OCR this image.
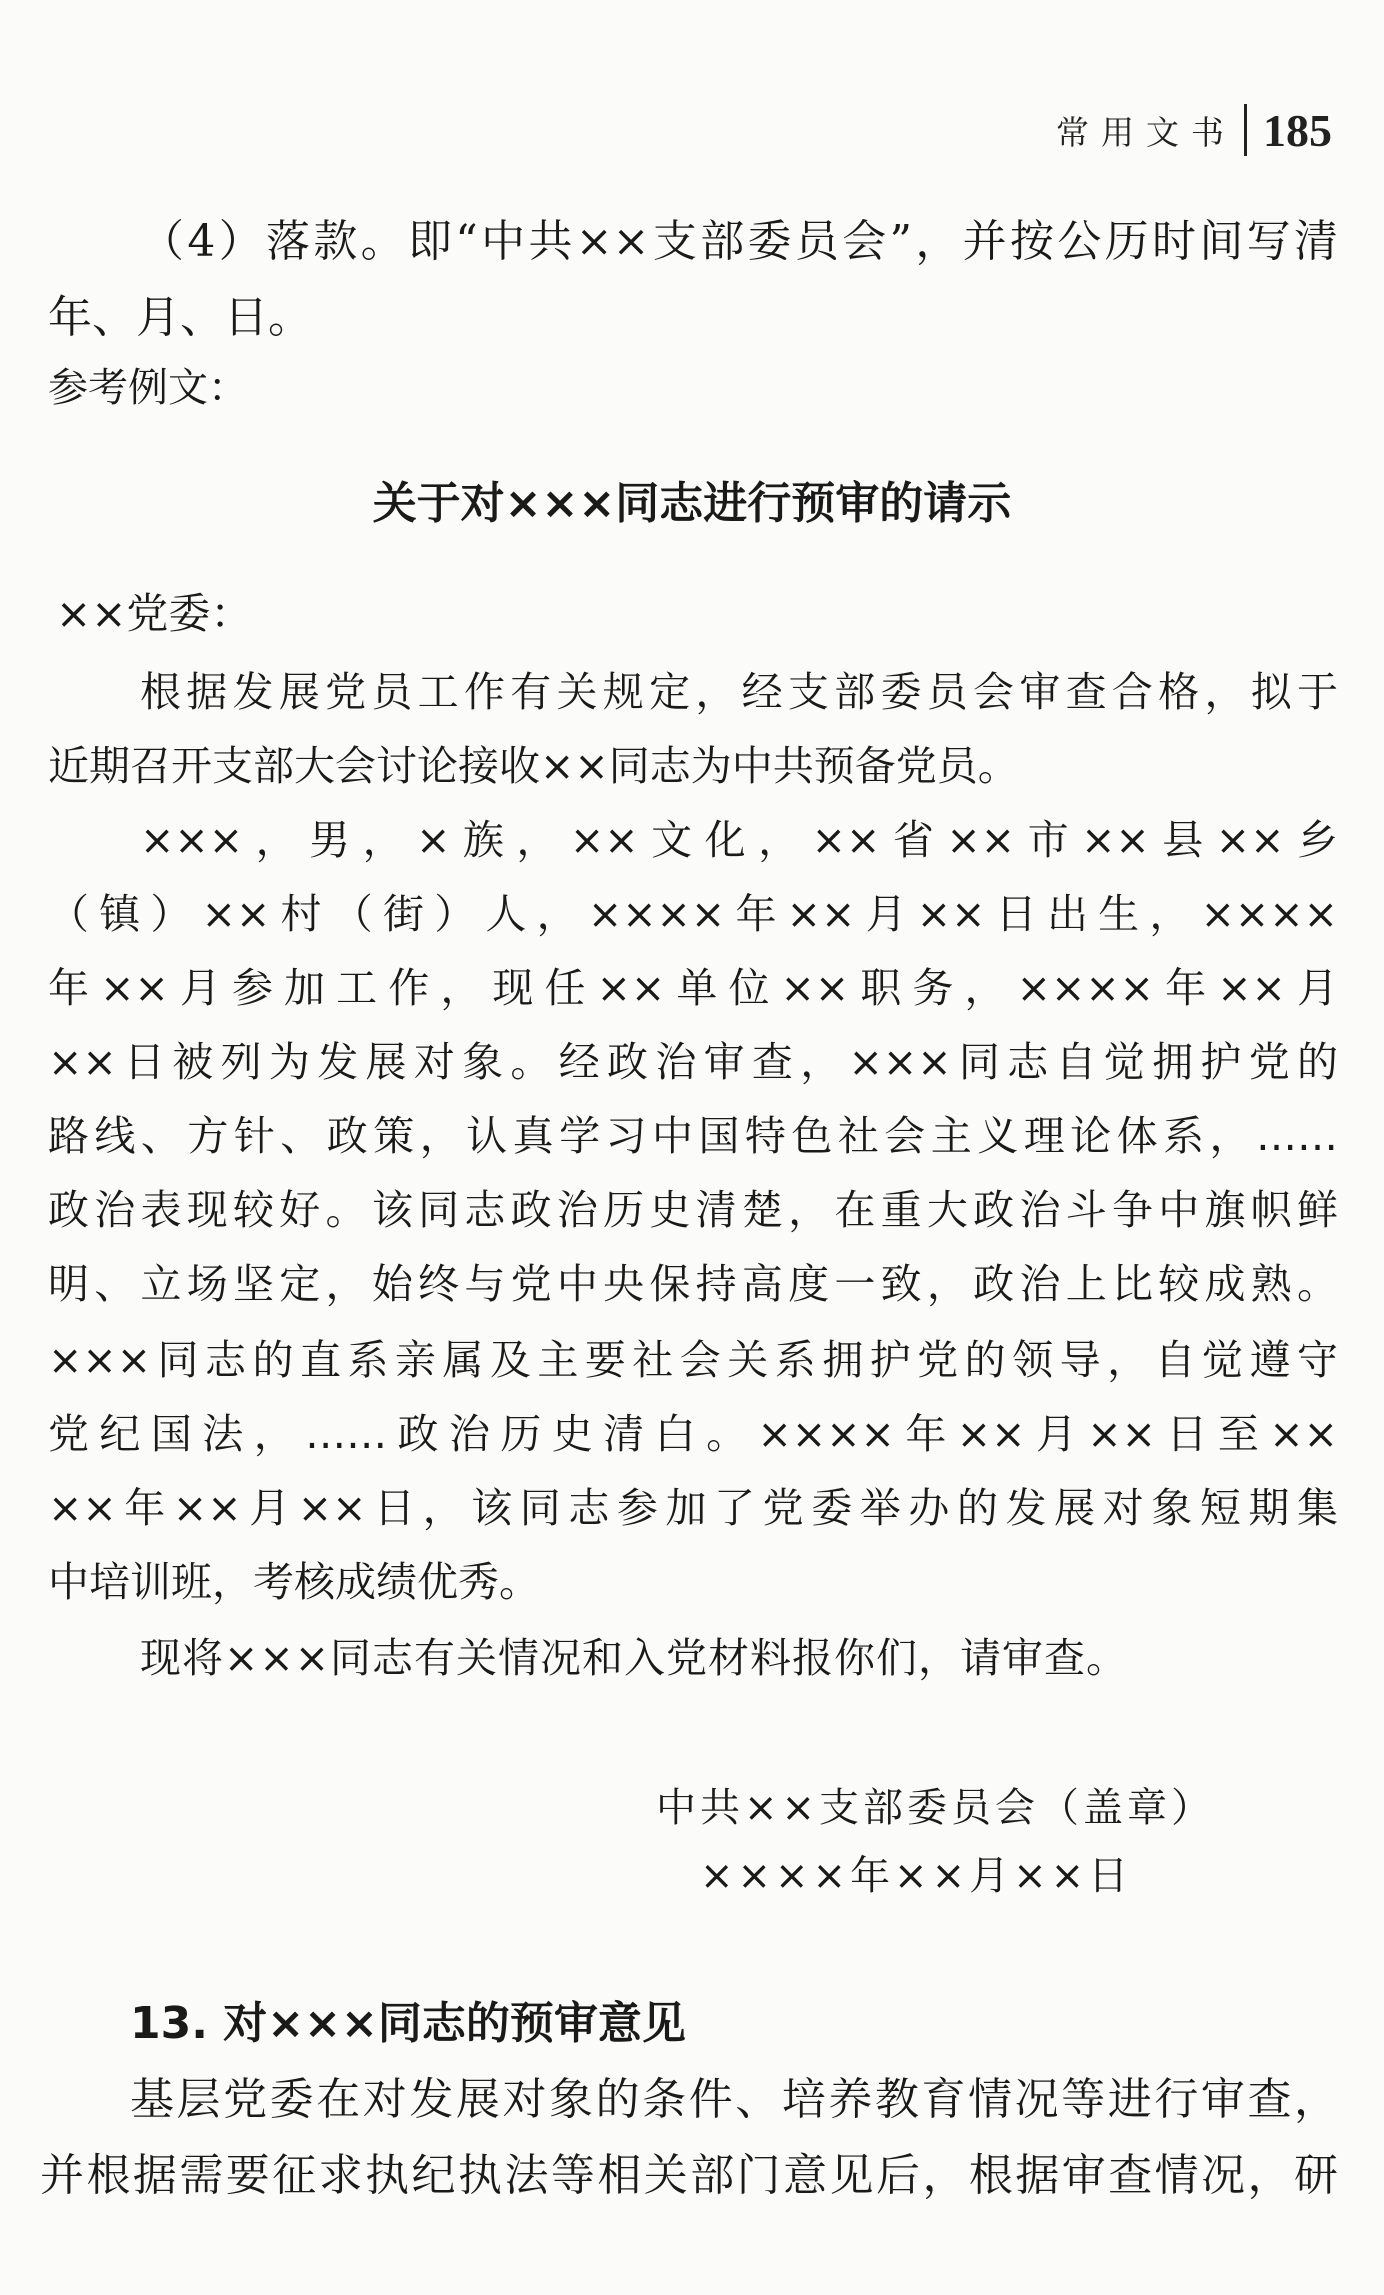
常用文书 185
（4）落款。即“中共××支部委员会”，并按公历时间写清
年、月、日。
参考例文：
关于对×××同志进行预审的请示
××党委：
根据发展党员工作有关规定，经支部委员会审查合格，拟于
近期召开支部大会讨论接收××同志为中共预备党员。
×××，男，×族，××文化，××省××市××县××乡
（镇）××村（街）人，××××年××月××日出生，××××
年××月参加工作，现任××单位××职务，××××年××月
××日被列为发展对象。经政治审查，×××同志自觉拥护党的
路线、方针、政策，认真学习中国特色社会主义理论体系，……
政治表现较好。该同志政治历史清楚，在重大政治斗争中旗帜鲜
明、立场坚定，始终与党中央保持高度一致，政治上比较成熟。
×××同志的直系亲属及主要社会关系拥护党的领导，自觉遵守
党纪国法，……政治历史清白。××××年××月××日至××
××年××月××日，该同志参加了党委举办的发展对象短期集
中培训班，考核成绩优秀。
现将×××同志有关情况和入党材料报你们，请审查。
中共××支部委员会（盖章）
××××年××月××日
13. 对×××同志的预审意见
基层党委在对发展对象的条件、培养教育情况等进行审查，
并根据需要征求执纪执法等相关部门意见后，根据审查情况，研
